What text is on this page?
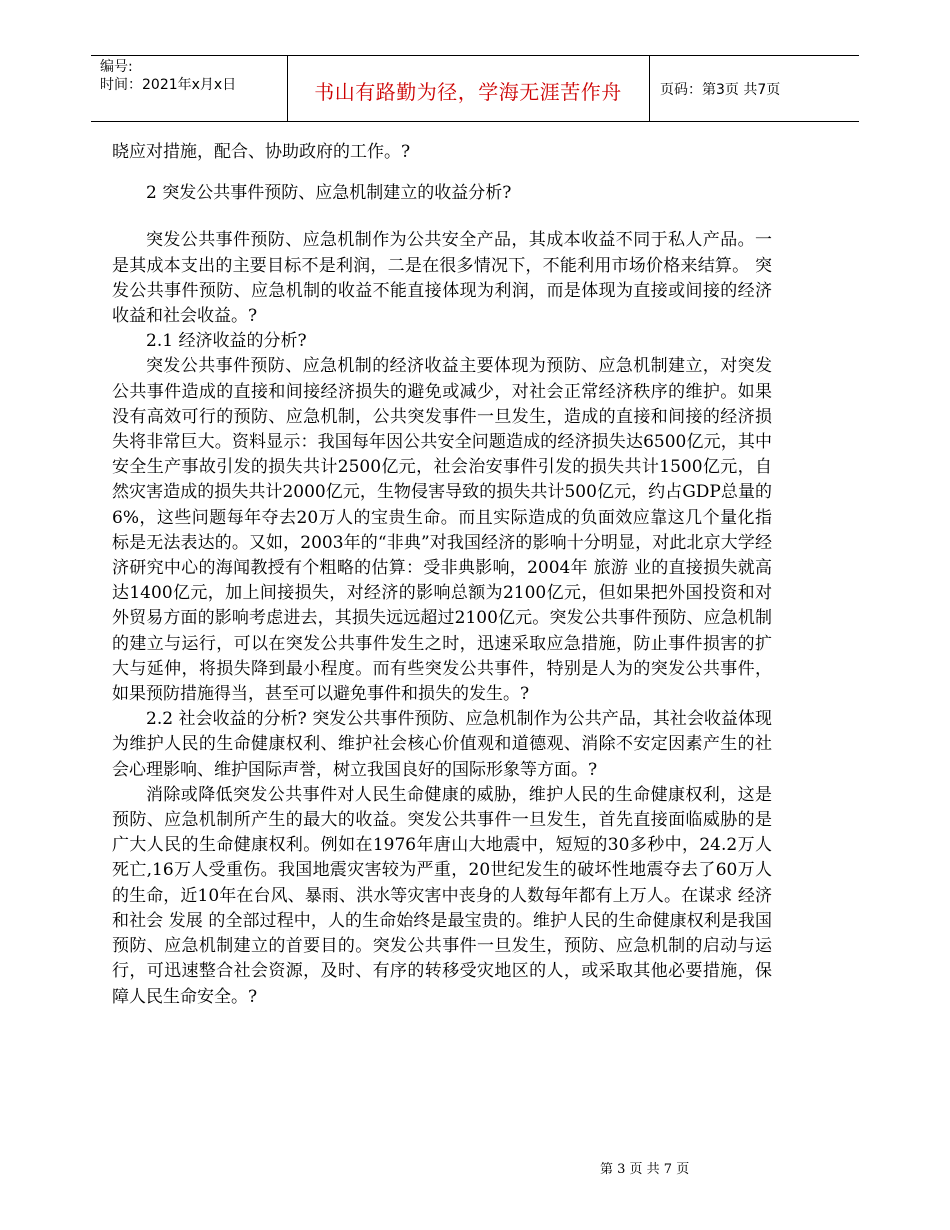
编号:
时间：2021年x月x日	书山有路勤为径，学海无涯苦作舟	页码：第3页 共7页

晓应对措施，配合、协助政府的工作。?

2 突发公共事件预防、应急机制建立的收益分析?

突发公共事件预防、应急机制作为公共安全产品，其成本收益不同于私人产品。一是其成本支出的主要目标不是利润，二是在很多情况下，不能利用市场价格来结算。 突发公共事件预防、应急机制的收益不能直接体现为利润，而是体现为直接或间接的经济收益和社会收益。?

2.1 经济收益的分析?

突发公共事件预防、应急机制的经济收益主要体现为预防、应急机制建立，对突发公共事件造成的直接和间接经济损失的避免或减少，对社会正常经济秩序的维护。如果没有高效可行的预防、应急机制，公共突发事件一旦发生，造成的直接和间接的经济损失将非常巨大。资料显示：我国每年因公共安全问题造成的经济损失达6500亿元，其中安全生产事故引发的损失共计2500亿元，社会治安事件引发的损失共计1500亿元，自然灾害造成的损失共计2000亿元，生物侵害导致的损失共计500亿元，约占GDP总量的6%，这些问题每年夺去20万人的宝贵生命。而且实际造成的负面效应靠这几个量化指标是无法表达的。又如，2003年的“非典”对我国经济的影响十分明显，对此北京大学经济研究中心的海闻教授有个粗略的估算：受非典影响，2004年 旅游 业的直接损失就高达1400亿元，加上间接损失，对经济的影响总额为2100亿元，但如果把外国投资和对外贸易方面的影响考虑进去，其损失远远超过2100亿元。突发公共事件预防、应急机制的建立与运行，可以在突发公共事件发生之时，迅速采取应急措施，防止事件损害的扩大与延伸，将损失降到最小程度。而有些突发公共事件，特别是人为的突发公共事件，如果预防措施得当，甚至可以避免事件和损失的发生。?

2.2 社会收益的分析? 突发公共事件预防、应急机制作为公共产品，其社会收益体现为维护人民的生命健康权利、维护社会核心价值观和道德观、消除不安定因素产生的社会心理影响、维护国际声誉，树立我国良好的国际形象等方面。?

消除或降低突发公共事件对人民生命健康的威胁，维护人民的生命健康权利，这是预防、应急机制所产生的最大的收益。突发公共事件一旦发生，首先直接面临威胁的是广大人民的生命健康权利。例如在1976年唐山大地震中，短短的30多秒中，24.2万人死亡,16万人受重伤。我国地震灾害较为严重，20世纪发生的破坏性地震夺去了60万人的生命，近10年在台风、暴雨、洪水等灾害中丧身的人数每年都有上万人。在谋求 经济 和社会 发展 的全部过程中，人的生命始终是最宝贵的。维护人民的生命健康权利是我国预防、应急机制建立的首要目的。突发公共事件一旦发生，预防、应急机制的启动与运行，可迅速整合社会资源，及时、有序的转移受灾地区的人，或采取其他必要措施，保障人民生命安全。?

第 3 页 共 7 页
